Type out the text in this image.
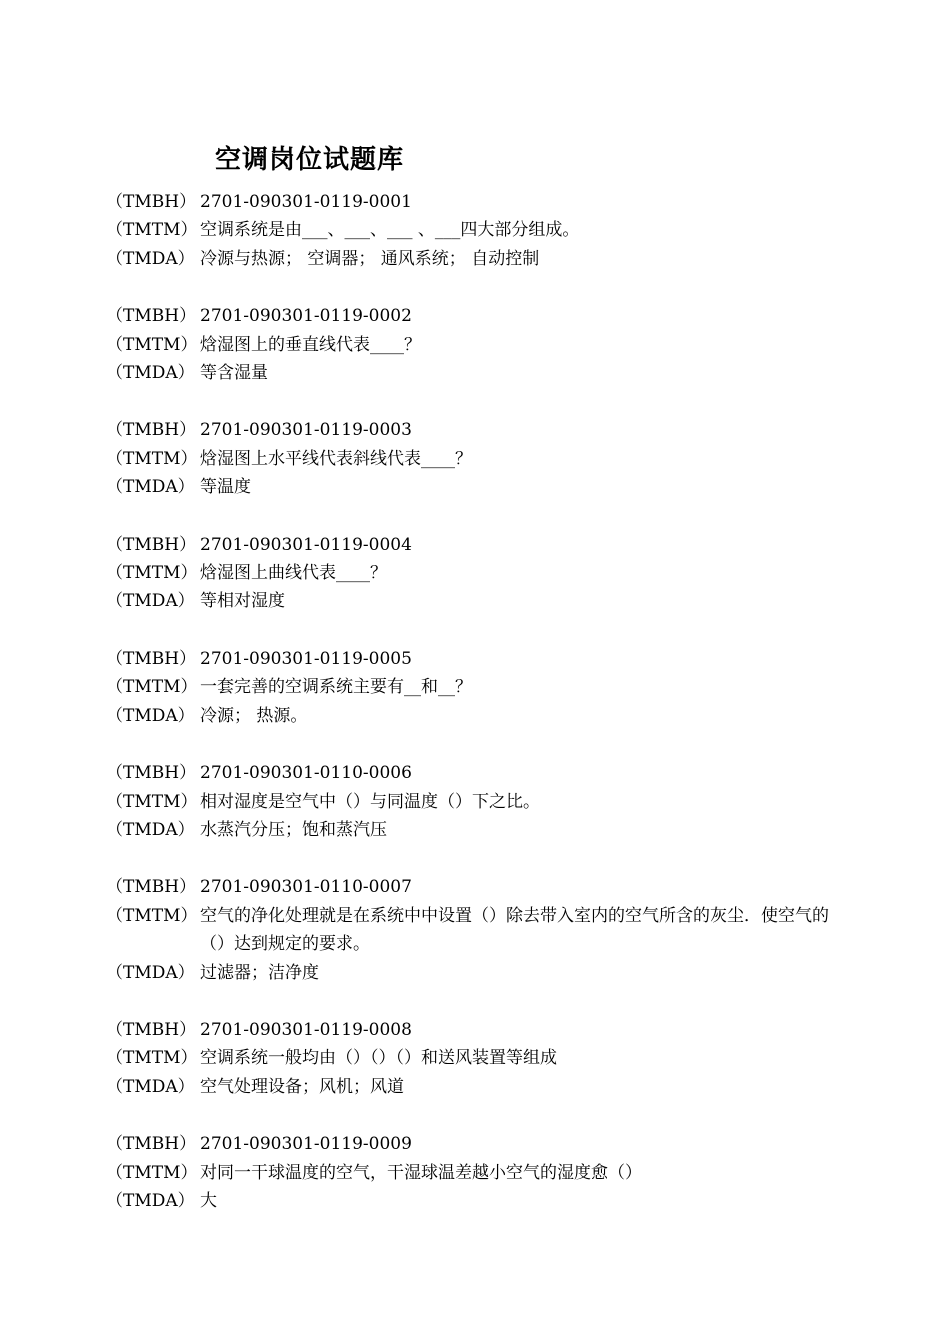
空调岗位试题库
（TMBH） 2701-090301-0119-0001
（TMTM） 空调系统是由___、___、___ 、___四大部分组成。
（TMDA） 冷源与热源； 空调器； 通风系统； 自动控制
（TMBH） 2701-090301-0119-0002
（TMTM） 焓湿图上的垂直线代表____？
（TMDA） 等含湿量
（TMBH） 2701-090301-0119-0003
（TMTM） 焓湿图上水平线代表斜线代表____？
（TMDA） 等温度
（TMBH） 2701-090301-0119-0004
（TMTM） 焓湿图上曲线代表____？
（TMDA） 等相对湿度
（TMBH） 2701-090301-0119-0005
（TMTM） 一套完善的空调系统主要有__和__？
（TMDA） 冷源； 热源。
（TMBH） 2701-090301-0110-0006
（TMTM） 相对湿度是空气中（）与同温度（）下之比。
（TMDA） 水蒸汽分压；饱和蒸汽压
（TMBH） 2701-090301-0110-0007
（TMTM） 空气的净化处理就是在系统中中设置（）除去带入室内的空气所含的灰尘．使空气的（）达到规定的要求。
（TMDA） 过滤器；洁净度
（TMBH） 2701-090301-0119-0008
（TMTM） 空调系统一般均由（）（）（）和送风装置等组成
（TMDA） 空气处理设备；风机；风道
（TMBH） 2701-090301-0119-0009
（TMTM） 对同一干球温度的空气，干湿球温差越小空气的湿度愈（）
（TMDA） 大
